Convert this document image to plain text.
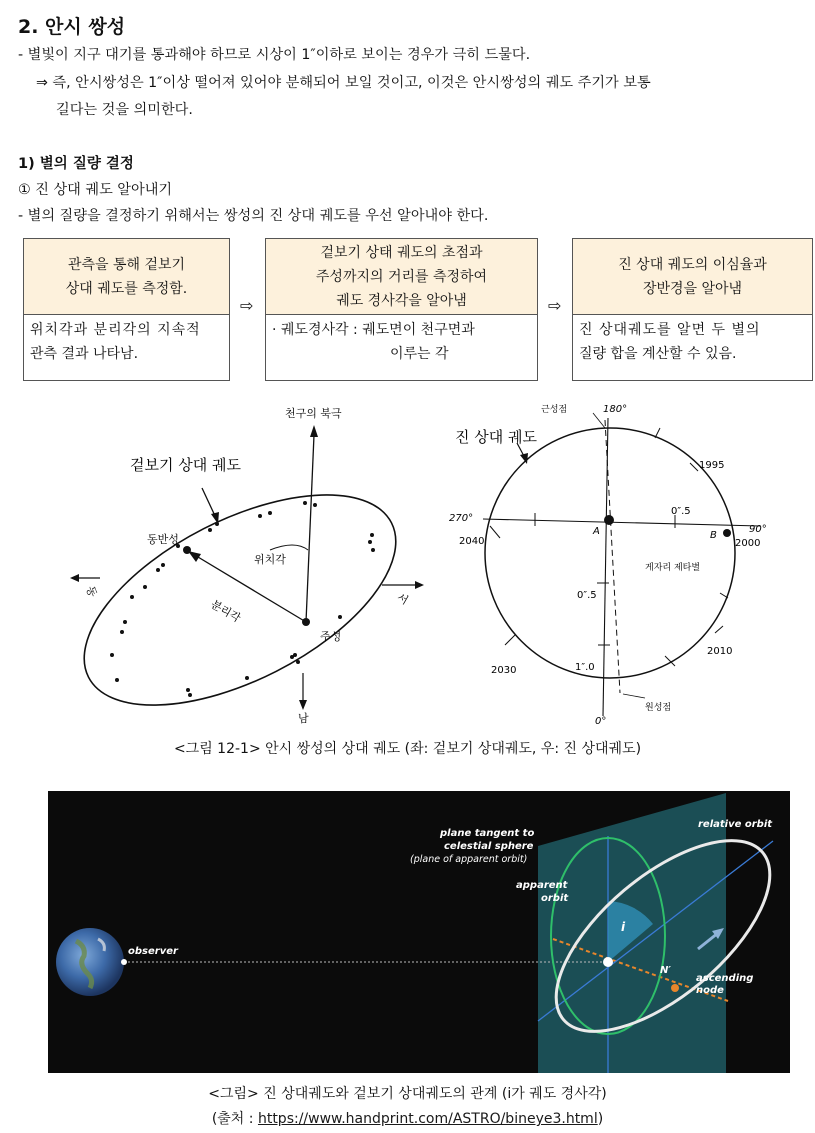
2. 안시 쌍성
- 별빛이 지구 대기를 통과해야 하므로 시상이 1″이하로 보이는 경우가 극히 드물다.
⇒ 즉, 안시쌍성은 1″이상 떨어져 있어야 분해되어 보일 것이고, 이것은 안시쌍성의 궤도 주기가 보통
길다는 것을 의미한다.
1) 별의 질량 결정
① 진 상대 궤도 알아내기
- 별의 질량을 결정하기 위해서는 쌍성의 진 상대 궤도를 우선 알아내야 한다.
관측을 통해 겉보기
상대 궤도를 측정함.
위치각과 분리각의 지속적
관측 결과 나타남.
⇨
겉보기 상태 궤도의 초점과
주성까지의 거리를 측정하여
궤도 경사각을 알아냄
· 궤도경사각 : 궤도면이 천구면과
이루는 각
⇨
진 상대 궤도의 이심율과
장반경을 알아냄
진 상대궤도를 알면 두 별의
질량 합을 계산할 수 있음.
천구의 북극
겉보기 상대 궤도
동반성
위치각
분리각
주성
남
동	서
진 상대 궤도
근성점	180°
270°
90°
0°
1995
2000
2040
2030
2010
0″.5
0″.5
1″.0
A	B
게자리 제타별
원성점
<그림 12-1> 안시 쌍성의 상대 궤도 (좌: 겉보기 상대궤도, 우: 진 상대궤도)
plane tangent to
celestial sphere
(plane of apparent orbit)
relative orbit
apparent
orbit
observer
i
N′
ascending
node
<그림> 진 상대궤도와 겉보기 상대궤도의 관계 (i가 궤도 경사각)
(출처 : https://www.handprint.com/ASTRO/bineye3.html)
